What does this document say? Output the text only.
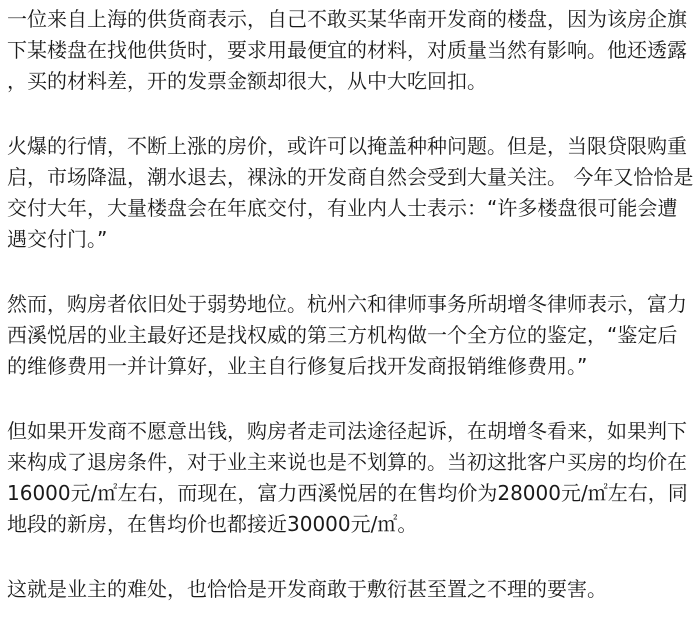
一位来自上海的供货商表示，自己不敢买某华南开发商的楼盘，因为该房企旗下某楼盘在找他供货时，要求用最便宜的材料，对质量当然有影响。他还透露，买的材料差，开的发票金额却很大，从中大吃回扣。

火爆的行情，不断上涨的房价，或许可以掩盖种种问题。但是，当限贷限购重启，市场降温，潮水退去，裸泳的开发商自然会受到大量关注。 今年又恰恰是交付大年，大量楼盘会在年底交付，有业内人士表示：“许多楼盘很可能会遭遇交付门。”

然而，购房者依旧处于弱势地位。杭州六和律师事务所胡增冬律师表示，富力西溪悦居的业主最好还是找权威的第三方机构做一个全方位的鉴定，“鉴定后的维修费用一并计算好，业主自行修复后找开发商报销维修费用。”

但如果开发商不愿意出钱，购房者走司法途径起诉，在胡增冬看来，如果判下来构成了退房条件，对于业主来说也是不划算的。当初这批客户买房的均价在16000元/㎡左右，而现在，富力西溪悦居的在售均价为28000元/㎡左右，同地段的新房，在售均价也都接近30000元/㎡。

这就是业主的难处，也恰恰是开发商敢于敷衍甚至置之不理的要害。
